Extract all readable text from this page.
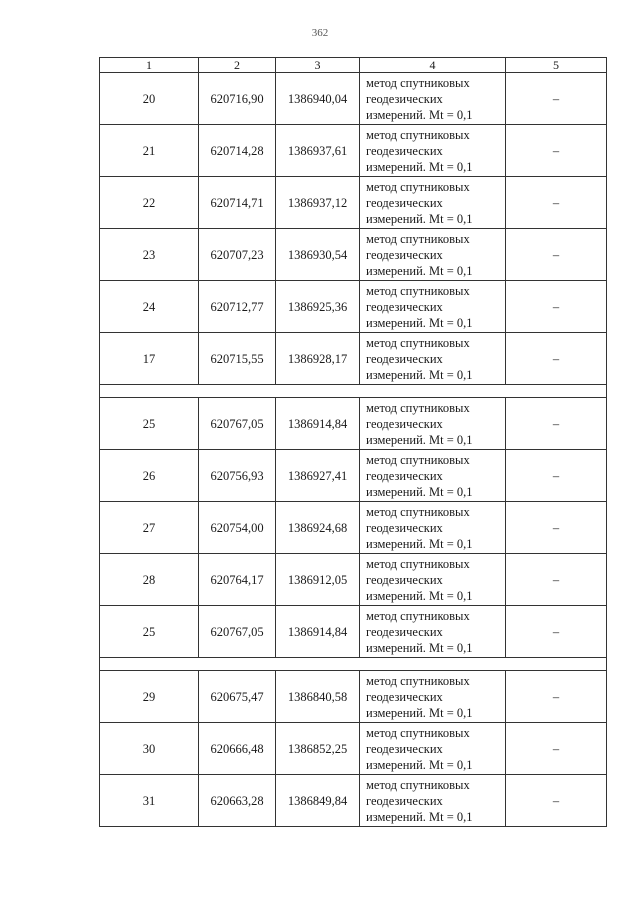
362
1	2	3	4	5
20	620716,90	1386940,04	метод спутниковых
геодезических
измерений. Mt = 0,1	–
21	620714,28	1386937,61	метод спутниковых
геодезических
измерений. Mt = 0,1	–
22	620714,71	1386937,12	метод спутниковых
геодезических
измерений. Mt = 0,1	–
23	620707,23	1386930,54	метод спутниковых
геодезических
измерений. Mt = 0,1	–
24	620712,77	1386925,36	метод спутниковых
геодезических
измерений. Mt = 0,1	–
17	620715,55	1386928,17	метод спутниковых
геодезических
измерений. Mt = 0,1	–

25	620767,05	1386914,84	метод спутниковых
геодезических
измерений. Mt = 0,1	–
26	620756,93	1386927,41	метод спутниковых
геодезических
измерений. Mt = 0,1	–
27	620754,00	1386924,68	метод спутниковых
геодезических
измерений. Mt = 0,1	–
28	620764,17	1386912,05	метод спутниковых
геодезических
измерений. Mt = 0,1	–
25	620767,05	1386914,84	метод спутниковых
геодезических
измерений. Mt = 0,1	–

29	620675,47	1386840,58	метод спутниковых
геодезических
измерений. Mt = 0,1	–
30	620666,48	1386852,25	метод спутниковых
геодезических
измерений. Mt = 0,1	–
31	620663,28	1386849,84	метод спутниковых
геодезических
измерений. Mt = 0,1	–
